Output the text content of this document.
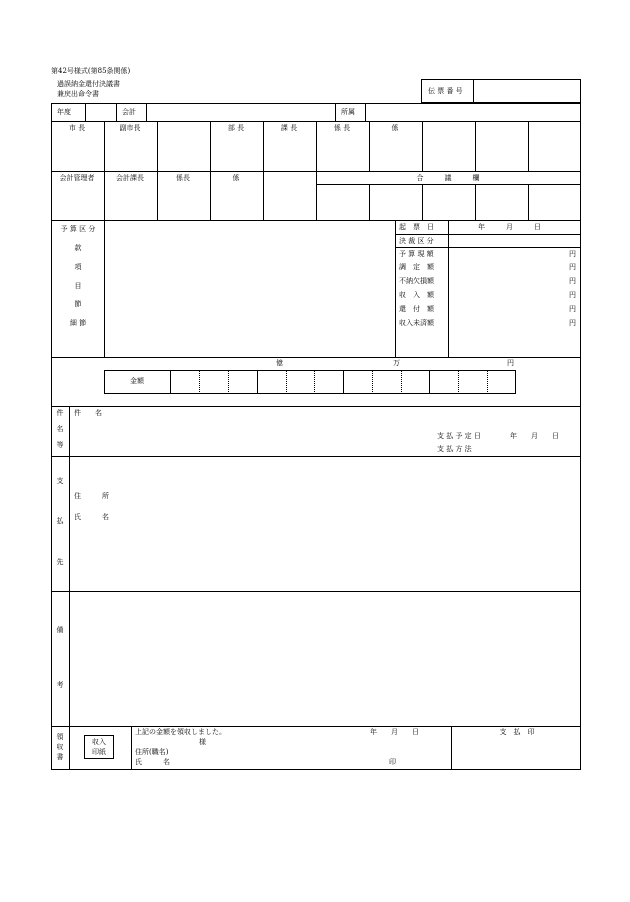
第42号様式(第85条関係)
過誤納金還付決議書
兼戻出命令書	伝 票 番 号
年度	会計	所属
市 長	副市長	部 長	課 長	係 長	係
会計管理者	会計課長	係長	係	合　　　議　　　欄
予 算 区 分
款
項
目
節
細 節
起　票　日	年　　　月　　　日
決 裁 区 分
予 算 現 額	円
調　定　額	円
不納欠損額	円
収　入　額	円
還　付　額	円
収入未済額	円
億	万	円
金額
件
名
等
件　　名
支 払 予 定 日	年　　月　　日
支 払 方 法
支
払
先
住　　　所
氏　　　名
備
考
領
収
書
収入
印紙
上記の金額を領収しました。	年　　月　　日
様
住所(職名)
氏　　　名	印
支　払　印
